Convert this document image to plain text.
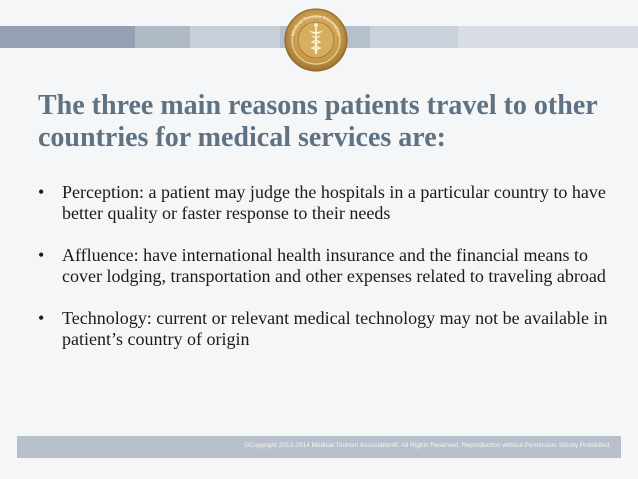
Medical Tourism Association
The three main reasons patients travel to other countries for medical services are:
• Perception: a patient may judge the hospitals in a particular country to have better quality or faster response to their needs
• Affluence: have international health insurance and the financial means to cover lodging, transportation and other expenses related to traveling abroad
• Technology: current or relevant medical technology may not be available in patient’s country of origin
©Copyright 2013-2014 Medical Tourism Association®. All Rights Reserved. Reproduction without Permission Strictly Prohibited.
